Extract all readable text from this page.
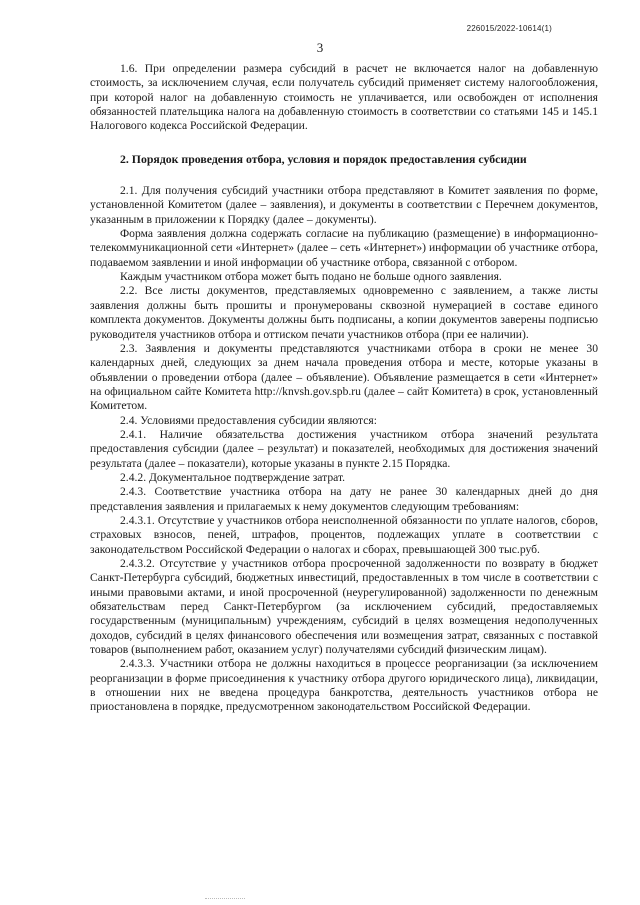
226015/2022-10614(1)
3

1.6. При определении размера субсидий в расчет не включается налог на добавленную стоимость, за исключением случая, если получатель субсидий применяет систему налогообложения, при которой налог на добавленную стоимость не уплачивается, или освобожден от исполнения обязанностей плательщика налога на добавленную стоимость в соответствии со статьями 145 и 145.1 Налогового кодекса Российской Федерации.

2. Порядок проведения отбора, условия и порядок предоставления субсидии

2.1. Для получения субсидий участники отбора представляют в Комитет заявления по форме, установленной Комитетом (далее – заявления), и документы в соответствии с Перечнем документов, указанным в приложении к Порядку (далее – документы).

Форма заявления должна содержать согласие на публикацию (размещение) в информационно-телекоммуникационной сети «Интернет» (далее – сеть «Интернет») информации об участнике отбора, подаваемом заявлении и иной информации об участнике отбора, связанной с отбором.

Каждым участником отбора может быть подано не больше одного заявления.

2.2. Все листы документов, представляемых одновременно с заявлением, а также листы заявления должны быть прошиты и пронумерованы сквозной нумерацией в составе единого комплекта документов. Документы должны быть подписаны, а копии документов заверены подписью руководителя участников отбора и оттиском печати участников отбора (при ее наличии).

2.3. Заявления и документы представляются участниками отбора в сроки не менее 30 календарных дней, следующих за днем начала проведения отбора и месте, которые указаны в объявлении о проведении отбора (далее – объявление). Объявление размещается в сети «Интернет» на официальном сайте Комитета http://knvsh.gov.spb.ru (далее – сайт Комитета) в срок, установленный Комитетом.

2.4. Условиями предоставления субсидии являются:

2.4.1. Наличие обязательства достижения участником отбора значений результата предоставления субсидии (далее – результат) и показателей, необходимых для достижения значений результата (далее – показатели), которые указаны в пункте 2.15 Порядка.

2.4.2. Документальное подтверждение затрат.

2.4.3. Соответствие участника отбора на дату не ранее 30 календарных дней до дня представления заявления и прилагаемых к нему документов следующим требованиям:

2.4.3.1. Отсутствие у участников отбора неисполненной обязанности по уплате налогов, сборов, страховых взносов, пеней, штрафов, процентов, подлежащих уплате в соответствии с законодательством Российской Федерации о налогах и сборах, превышающей 300 тыс.руб.

2.4.3.2. Отсутствие у участников отбора просроченной задолженности по возврату в бюджет Санкт-Петербурга субсидий, бюджетных инвестиций, предоставленных в том числе в соответствии с иными правовыми актами, и иной просроченной (неурегулированной) задолженности по денежным обязательствам перед Санкт-Петербургом (за исключением субсидий, предоставляемых государственным (муниципальным) учреждениям, субсидий в целях возмещения недополученных доходов, субсидий в целях финансового обеспечения или возмещения затрат, связанных с поставкой товаров (выполнением работ, оказанием услуг) получателями субсидий физическим лицам).

2.4.3.3. Участники отбора не должны находиться в процессе реорганизации (за исключением реорганизации в форме присоединения к участнику отбора другого юридического лица), ликвидации, в отношении них не введена процедура банкротства, деятельность участников отбора не приостановлена в порядке, предусмотренном законодательством Российской Федерации.
